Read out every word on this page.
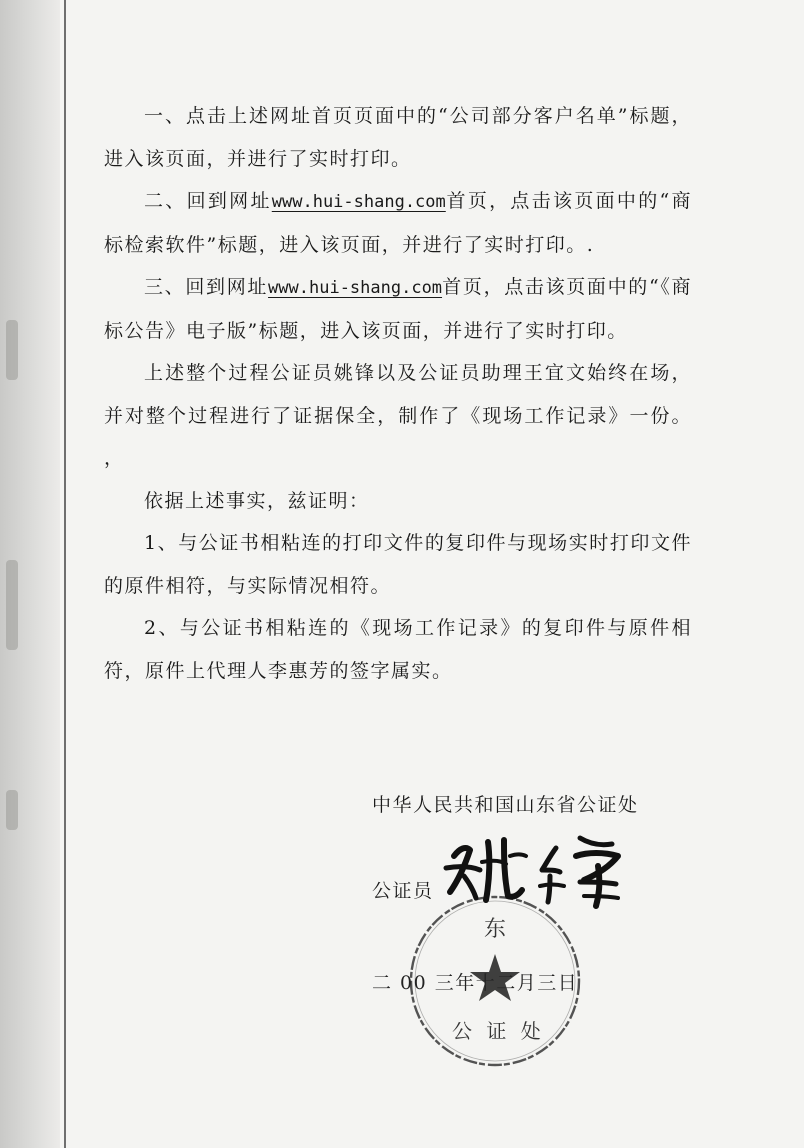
一、点击上述网址首页页面中的“公司部分客户名单”标题，进入该页面，并进行了实时打印。

二、回到网址www.hui-shang.com首页，点击该页面中的“商标检索软件”标题，进入该页面，并进行了实时打印。.

三、回到网址www.hui-shang.com首页，点击该页面中的“《商标公告》电子版”标题，进入该页面，并进行了实时打印。

上述整个过程公证员姚锋以及公证员助理王宜文始终在场，并对整个过程进行了证据保全，制作了《现场工作记录》一份。 ，

依据上述事实，兹证明：

1、与公证书相粘连的打印文件的复印件与现场实时打印文件的原件相符，与实际情况相符。

2、与公证书相粘连的《现场工作记录》的复印件与原件相符，原件上代理人李惠芳的签字属实。

中华人民共和国山东省公证处
东
公 证 处
公证员
二 00 三年十二月三日
